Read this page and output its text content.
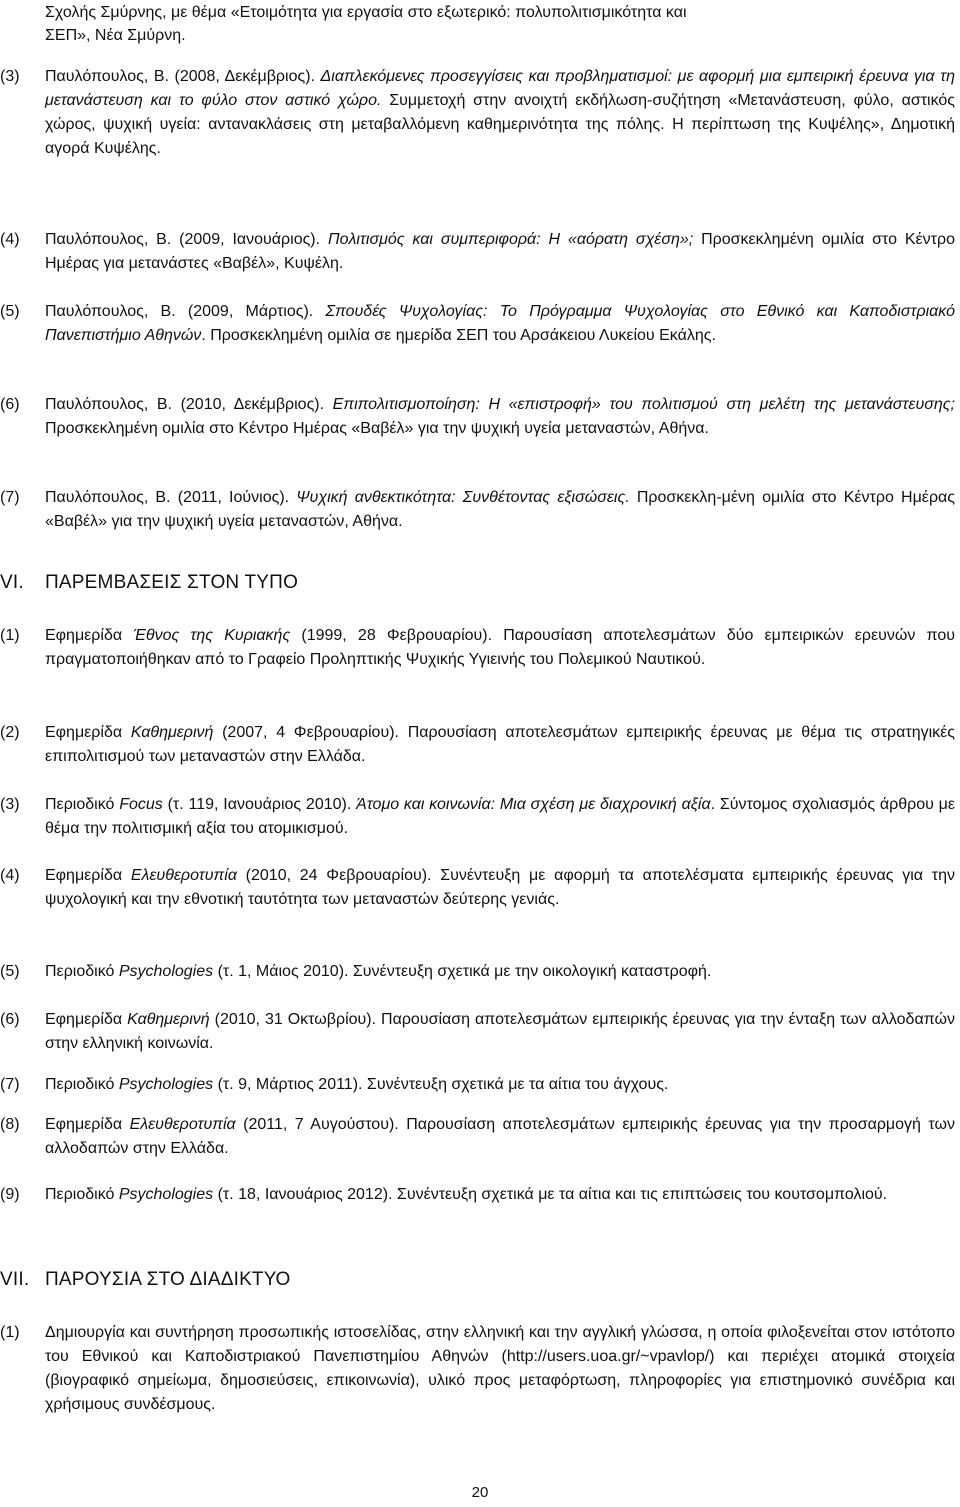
Σχολής Σμύρνης, με θέμα «Ετοιμότητα για εργασία στο εξωτερικό: πολυπολιτισμικότητα και
ΣΕΠ», Νέα Σμύρνη.
(3)	Παυλόπουλος, Β. (2008, Δεκέμβριος). Διαπλεκόμενες προσεγγίσεις και προβληματισμοί: με αφορμή μια εμπειρική έρευνα για τη μετανάστευση και το φύλο στον αστικό χώρο. Συμμετοχή στην ανοιχτή εκδήλωση-συζήτηση «Μετανάστευση, φύλο, αστικός χώρος, ψυχική υγεία: αντανακλάσεις στη μεταβαλλόμενη καθημερινότητα της πόλης. Η περίπτωση της Κυψέλης», Δημοτική αγορά Κυψέλης.
(4)	Παυλόπουλος, Β. (2009, Ιανουάριος). Πολιτισμός και συμπεριφορά: Η «αόρατη σχέση»; Προσκεκλημένη ομιλία στο Κέντρο Ημέρας για μετανάστες «Βαβέλ», Κυψέλη.
(5)	Παυλόπουλος, Β. (2009, Μάρτιος). Σπουδές Ψυχολογίας: Το Πρόγραμμα Ψυχολογίας στο Εθνικό και Καποδιστριακό Πανεπιστήμιο Αθηνών. Προσκεκλημένη ομιλία σε ημερίδα ΣΕΠ του Αρσάκειου Λυκείου Εκάλης.
(6)	Παυλόπουλος, Β. (2010, Δεκέμβριος). Επιπολιτισμοποίηση: Η «επιστροφή» του πολιτισμού στη μελέτη της μετανάστευσης; Προσκεκλημένη ομιλία στο Κέντρο Ημέρας «Βαβέλ» για την ψυχική υγεία μεταναστών, Αθήνα.
(7)	Παυλόπουλος, Β. (2011, Ιούνιος). Ψυχική ανθεκτικότητα: Συνθέτοντας εξισώσεις. Προσκεκλη-μένη ομιλία στο Κέντρο Ημέρας «Βαβέλ» για την ψυχική υγεία μεταναστών, Αθήνα.
VI. ΠΑΡΕΜΒΑΣΕΙΣ ΣΤΟΝ ΤΥΠΟ
(1)	Εφημερίδα Έθνος της Κυριακής (1999, 28 Φεβρουαρίου). Παρουσίαση αποτελεσμάτων δύο εμπειρικών ερευνών που πραγματοποιήθηκαν από το Γραφείο Προληπτικής Ψυχικής Υγιεινής του Πολεμικού Ναυτικού.
(2)	Εφημερίδα Καθημερινή (2007, 4 Φεβρουαρίου). Παρουσίαση αποτελεσμάτων εμπειρικής έρευνας με θέμα τις στρατηγικές επιπολιτισμού των μεταναστών στην Ελλάδα.
(3)	Περιοδικό Focus (τ. 119, Ιανουάριος 2010). Άτομο και κοινωνία: Μια σχέση με διαχρονική αξία. Σύντομος σχολιασμός άρθρου με θέμα την πολιτισμική αξία του ατομικισμού.
(4)	Εφημερίδα Ελευθεροτυπία (2010, 24 Φεβρουαρίου). Συνέντευξη με αφορμή τα αποτελέσματα εμπειρικής έρευνας για την ψυχολογική και την εθνοτική ταυτότητα των μεταναστών δεύτερης γενιάς.
(5)	Περιοδικό Psychologies (τ. 1, Μάιος 2010). Συνέντευξη σχετικά με την οικολογική καταστροφή.
(6)	Εφημερίδα Καθημερινή (2010, 31 Οκτωβρίου). Παρουσίαση αποτελεσμάτων εμπειρικής έρευνας για την ένταξη των αλλοδαπών στην ελληνική κοινωνία.
(7)	Περιοδικό Psychologies (τ. 9, Μάρτιος 2011). Συνέντευξη σχετικά με τα αίτια του άγχους.
(8)	Εφημερίδα Ελευθεροτυπία (2011, 7 Αυγούστου). Παρουσίαση αποτελεσμάτων εμπειρικής έρευνας για την προσαρμογή των αλλοδαπών στην Ελλάδα.
(9)	Περιοδικό Psychologies (τ. 18, Ιανουάριος 2012). Συνέντευξη σχετικά με τα αίτια και τις επιπτώσεις του κουτσομπολιού.
VII. ΠΑΡΟΥΣΙΑ ΣΤΟ ΔΙΑΔΙΚΤΥΟ
(1)	Δημιουργία και συντήρηση προσωπικής ιστοσελίδας, στην ελληνική και την αγγλική γλώσσα, η οποία φιλοξενείται στον ιστότοπο του Εθνικού και Καποδιστριακού Πανεπιστημίου Αθηνών (http://users.uoa.gr/~vpavlop/) και περιέχει ατομικά στοιχεία (βιογραφικό σημείωμα, δημοσιεύσεις, επικοινωνία), υλικό προς μεταφόρτωση, πληροφορίες για επιστημονικό συνέδρια και χρήσιμους συνδέσμους.
20
